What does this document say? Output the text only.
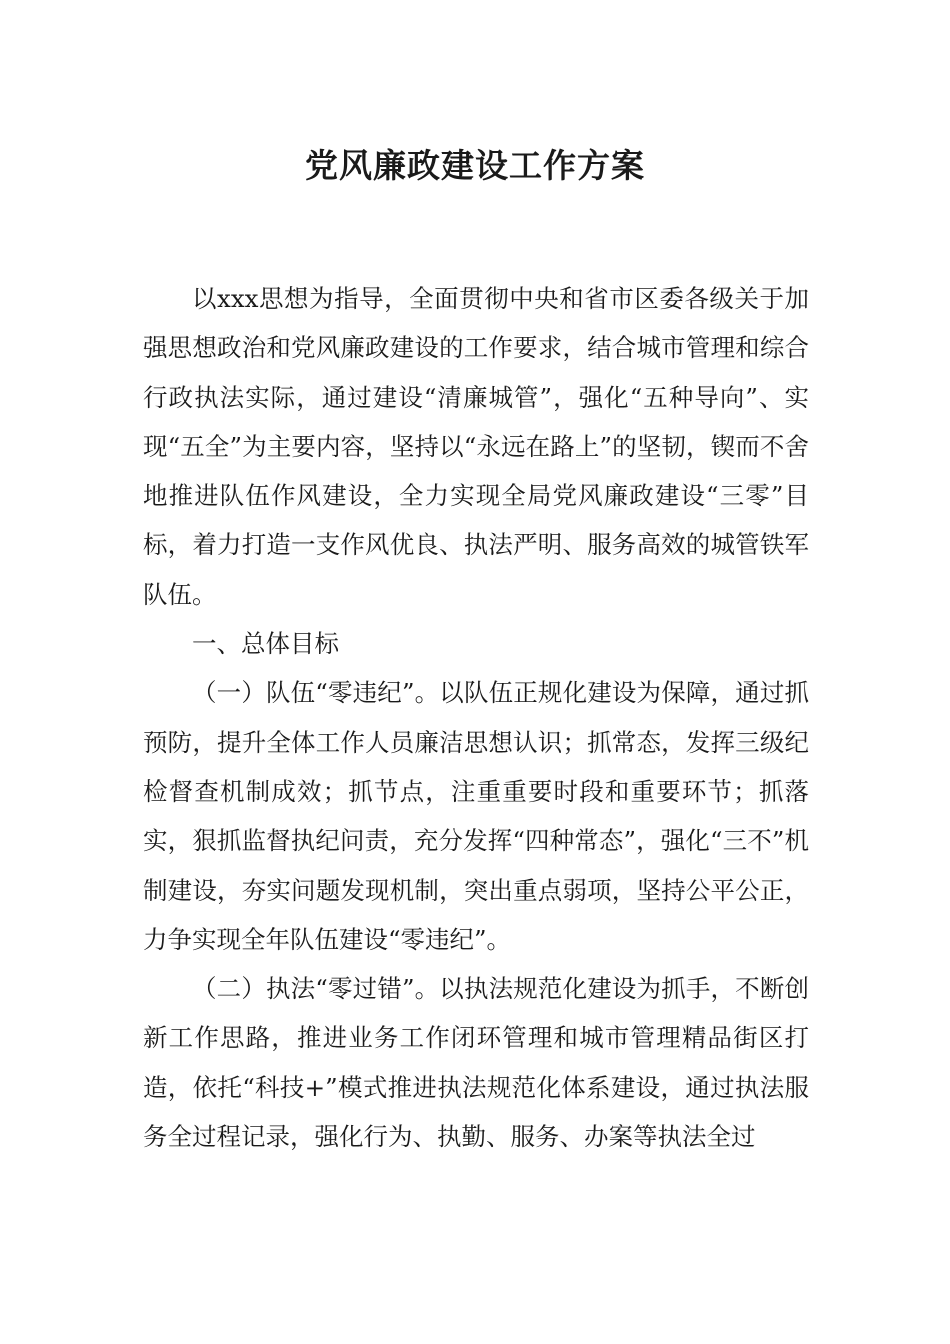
党风廉政建设工作方案

以xxx思想为指导，全面贯彻中央和省市区委各级关于加强思想政治和党风廉政建设的工作要求，结合城市管理和综合行政执法实际，通过建设“清廉城管”，强化“五种导向”、实现“五全”为主要内容，坚持以“永远在路上”的坚韧，锲而不舍地推进队伍作风建设，全力实现全局党风廉政建设“三零”目标，着力打造一支作风优良、执法严明、服务高效的城管铁军队伍。

一、总体目标

（一）队伍“零违纪”。以队伍正规化建设为保障，通过抓预防，提升全体工作人员廉洁思想认识；抓常态，发挥三级纪检督查机制成效；抓节点，注重重要时段和重要环节；抓落实，狠抓监督执纪问责，充分发挥“四种常态”，强化“三不”机制建设，夯实问题发现机制，突出重点弱项，坚持公平公正，力争实现全年队伍建设“零违纪”。

（二）执法“零过错”。以执法规范化建设为抓手，不断创新工作思路，推进业务工作闭环管理和城市管理精品街区打造，依托“科技+”模式推进执法规范化体系建设，通过执法服务全过程记录，强化行为、执勤、服务、办案等执法全过
